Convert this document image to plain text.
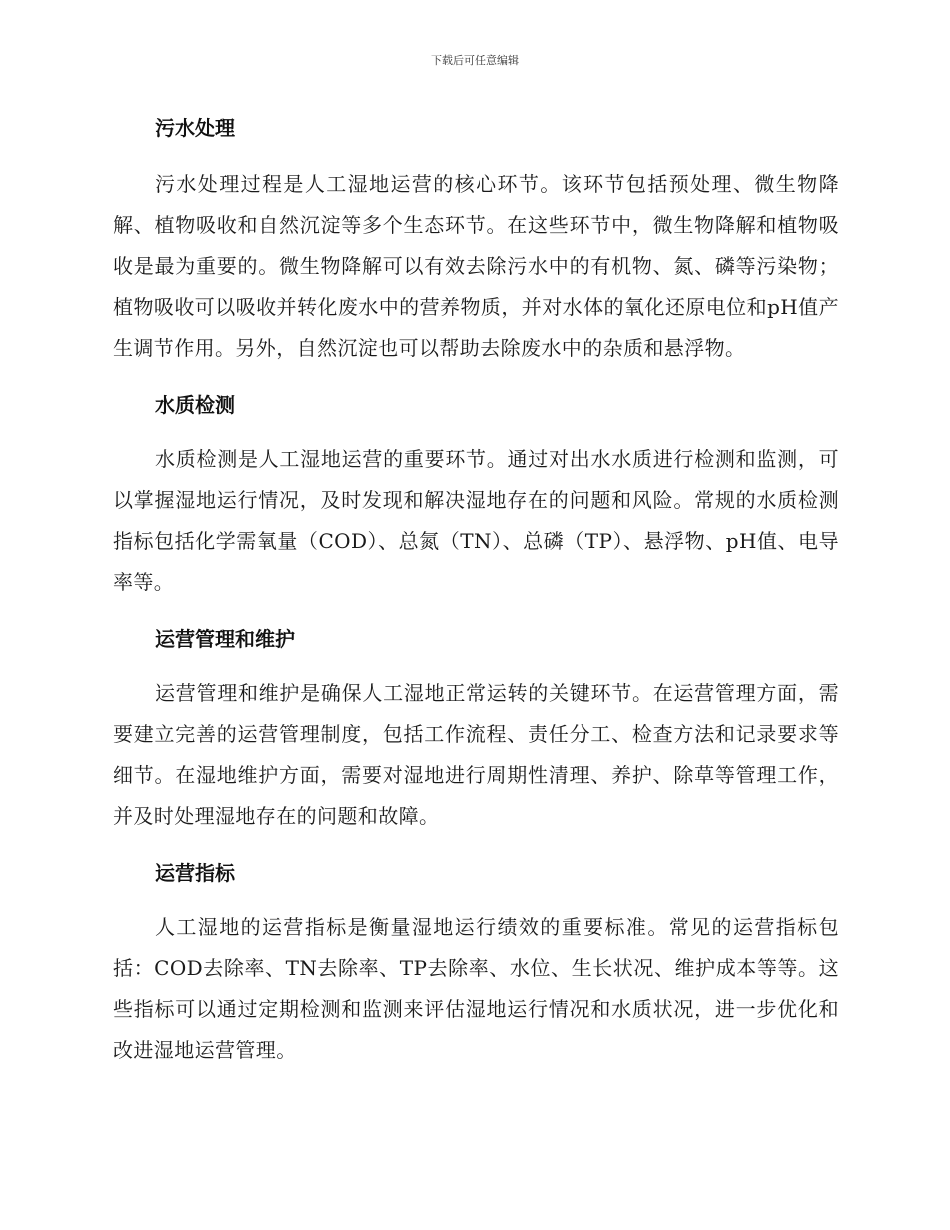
下载后可任意编辑
污水处理

污水处理过程是人工湿地运营的核心环节。该环节包括预处理、微生物降解、植物吸收和自然沉淀等多个生态环节。在这些环节中，微生物降解和植物吸收是最为重要的。微生物降解可以有效去除污水中的有机物、氮、磷等污染物；植物吸收可以吸收并转化废水中的营养物质，并对水体的氧化还原电位和pH值产生调节作用。另外，自然沉淀也可以帮助去除废水中的杂质和悬浮物。

水质检测

水质检测是人工湿地运营的重要环节。通过对出水水质进行检测和监测，可以掌握湿地运行情况，及时发现和解决湿地存在的问题和风险。常规的水质检测指标包括化学需氧量（COD）、总氮（TN）、总磷（TP）、悬浮物、pH值、电导率等。

运营管理和维护

运营管理和维护是确保人工湿地正常运转的关键环节。在运营管理方面，需要建立完善的运营管理制度，包括工作流程、责任分工、检查方法和记录要求等细节。在湿地维护方面，需要对湿地进行周期性清理、养护、除草等管理工作，并及时处理湿地存在的问题和故障。

运营指标

人工湿地的运营指标是衡量湿地运行绩效的重要标准。常见的运营指标包括：COD去除率、TN去除率、TP去除率、水位、生长状况、维护成本等等。这些指标可以通过定期检测和监测来评估湿地运行情况和水质状况，进一步优化和改进湿地运营管理。
